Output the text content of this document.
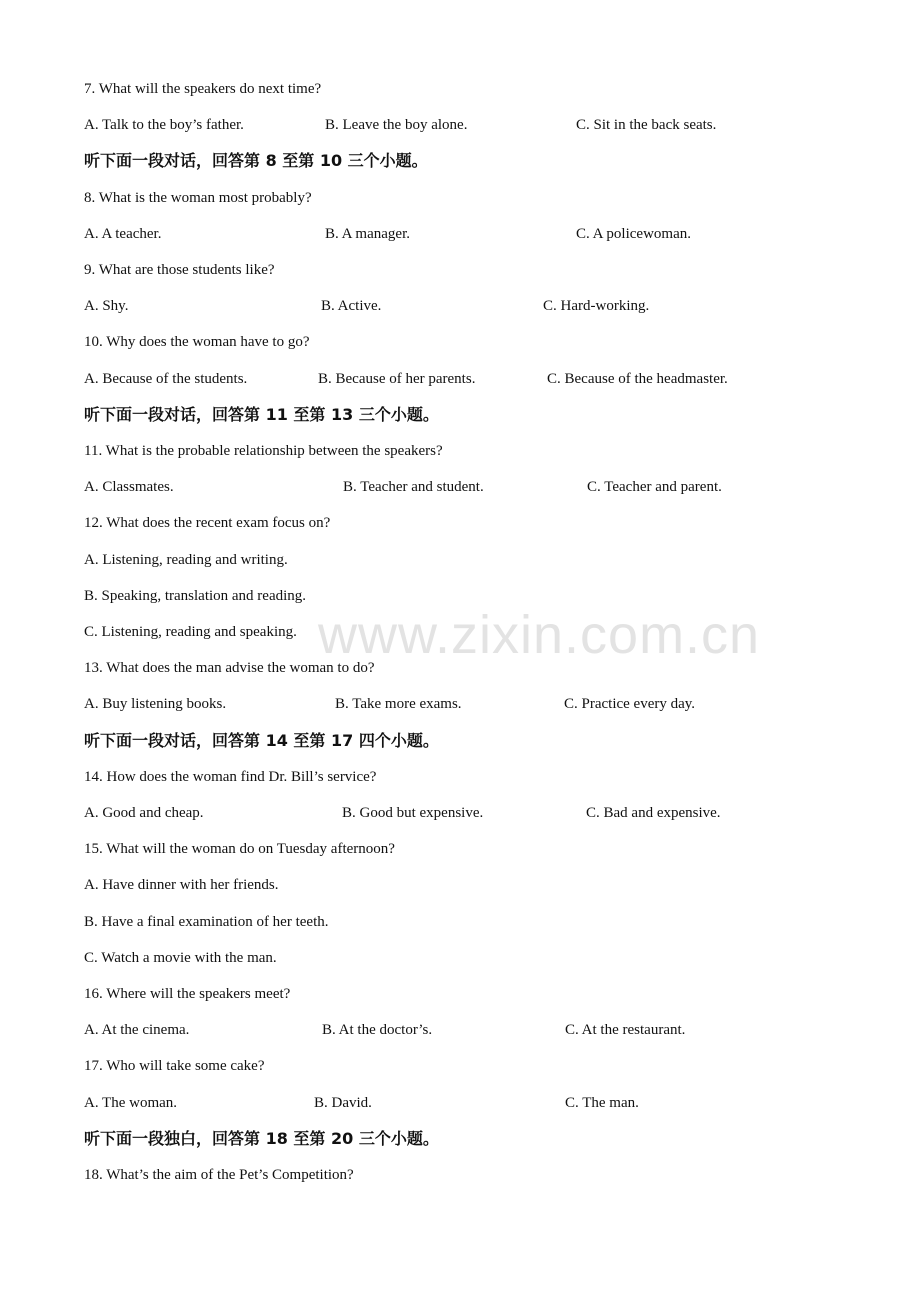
7. What will the speakers do next time?
A. Talk to the boy’s father.	B. Leave the boy alone.	C. Sit in the back seats.
听下面一段对话，回答第 8 至第 10 三个小题。
8. What is the woman most probably?
A. A teacher.	B. A manager.	C. A policewoman.
9. What are those students like?
A. Shy.	B. Active.	C. Hard-working.
10. Why does the woman have to go?
A. Because of the students.	B. Because of her parents.	C. Because of the headmaster.
听下面一段对话，回答第 11 至第 13 三个小题。
11. What is the probable relationship between the speakers?
A. Classmates.	B. Teacher and student.	C. Teacher and parent.
12. What does the recent exam focus on?
A. Listening, reading and writing.
B. Speaking, translation and reading.
C. Listening, reading and speaking.
13. What does the man advise the woman to do?
A. Buy listening books.	B. Take more exams.	C. Practice every day.
听下面一段对话，回答第 14 至第 17 四个小题。
14. How does the woman find Dr. Bill’s service?
A. Good and cheap.	B. Good but expensive.	C. Bad and expensive.
15. What will the woman do on Tuesday afternoon?
A. Have dinner with her friends.
B. Have a final examination of her teeth.
C. Watch a movie with the man.
16. Where will the speakers meet?
A. At the cinema.	B. At the doctor’s.	C. At the restaurant.
17. Who will take some cake?
A. The woman.	B. David.	C. The man.
听下面一段独白，回答第 18 至第 20 三个小题。
18. What’s the aim of the Pet’s Competition?
www.zixin.com.cn
